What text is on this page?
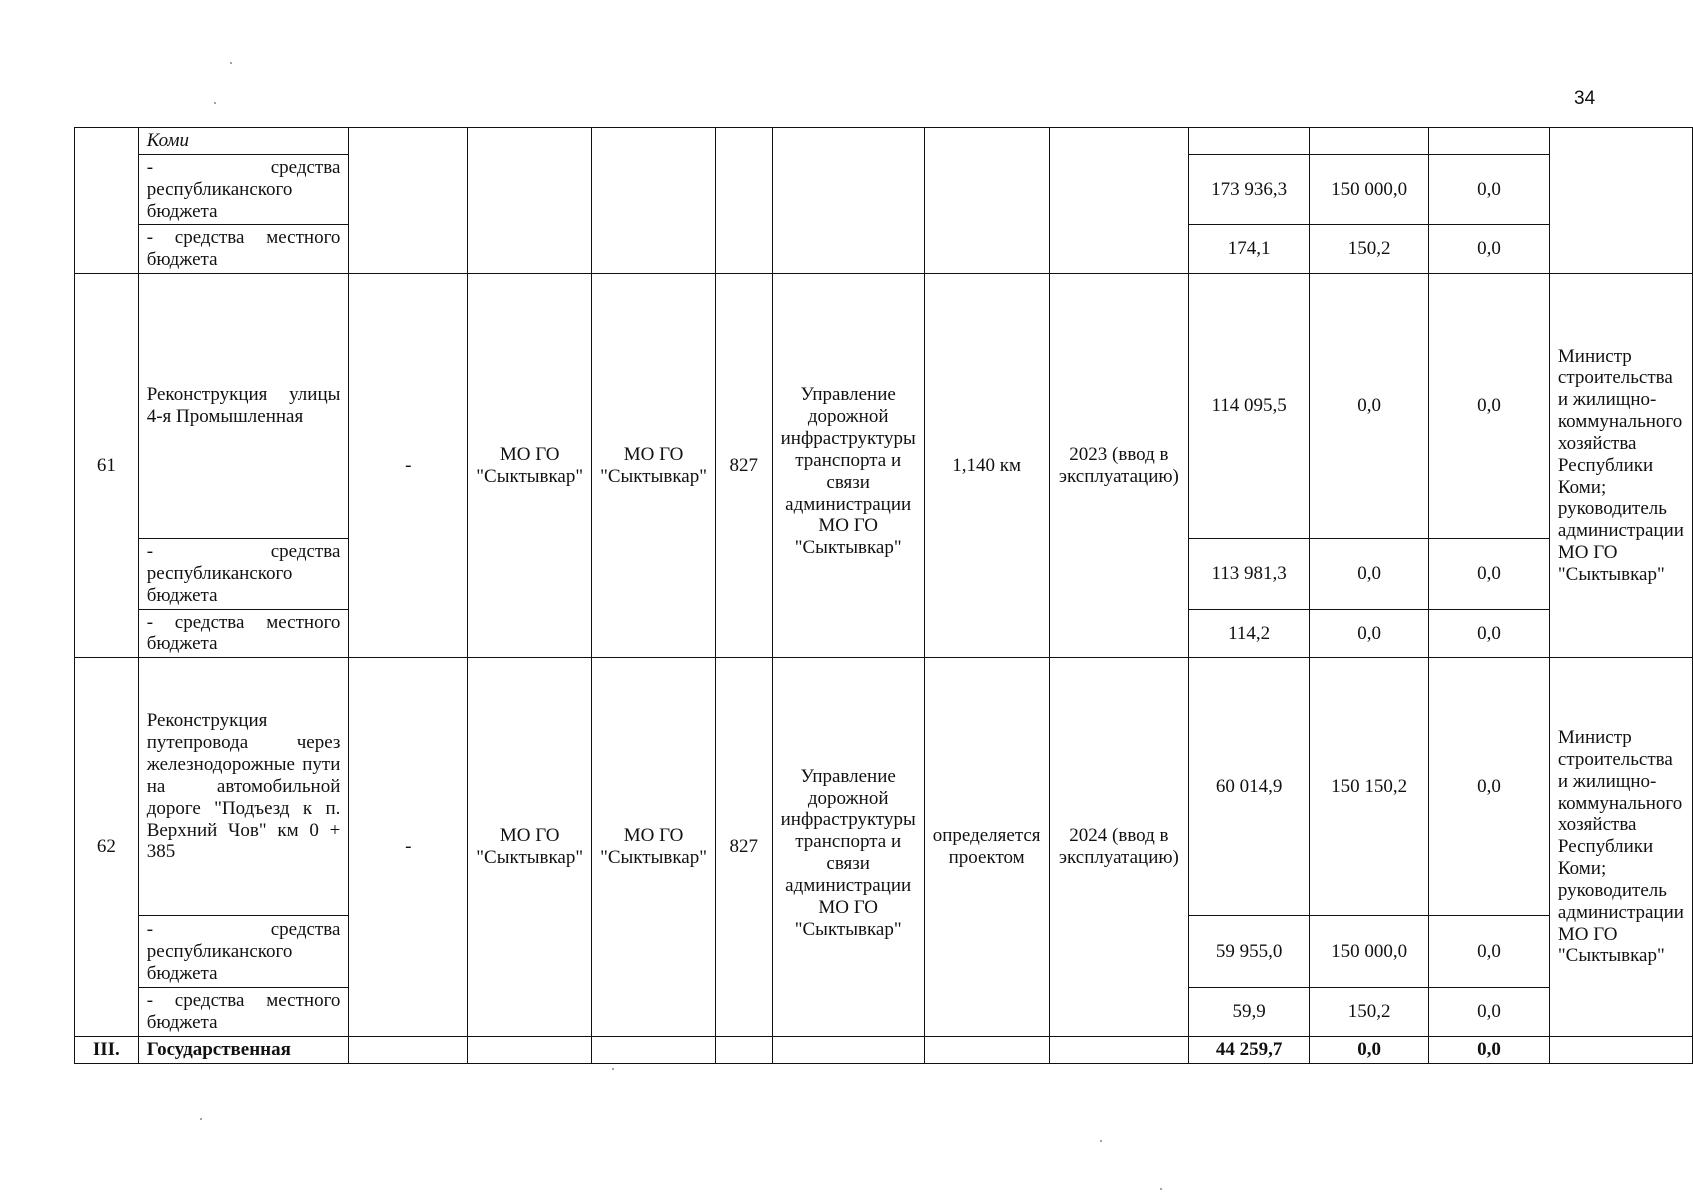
34
	Коми											
	- средства республиканского бюджета								173 936,3	150 000,0	0,0	
	- средства местного бюджета								174,1	150,2	0,0	
61	Реконструкция улицы 4-я Промышленная	-	МО ГО "Сыктывкар"	МО ГО "Сыктывкар"	827	Управление дорожной инфраструктуры транспорта и связи администрации МО ГО "Сыктывкар"	1,140 км	2023 (ввод в эксплуатацию)	114 095,5	0,0	0,0	Министр строительства и жилищно-коммунального хозяйства Республики Коми; руководитель администрации МО ГО "Сыктывкар"
	- средства республиканского бюджета								113 981,3	0,0	0,0	
	- средства местного бюджета								114,2	0,0	0,0	
62	Реконструкция путепровода через железнодорожные пути на автомобильной дороге "Подъезд к п. Верхний Чов" км 0 + 385	-	МО ГО "Сыктывкар"	МО ГО "Сыктывкар"	827	Управление дорожной инфраструктуры транспорта и связи администрации МО ГО "Сыктывкар"	определяется проектом	2024 (ввод в эксплуатацию)	60 014,9	150 150,2	0,0	Министр строительства и жилищно-коммунального хозяйства Республики Коми; руководитель администрации МО ГО "Сыктывкар"
	- средства республиканского бюджета								59 955,0	150 000,0	0,0	
	- средства местного бюджета								59,9	150,2	0,0	
III.	Государственная								44 259,7	0,0	0,0	
